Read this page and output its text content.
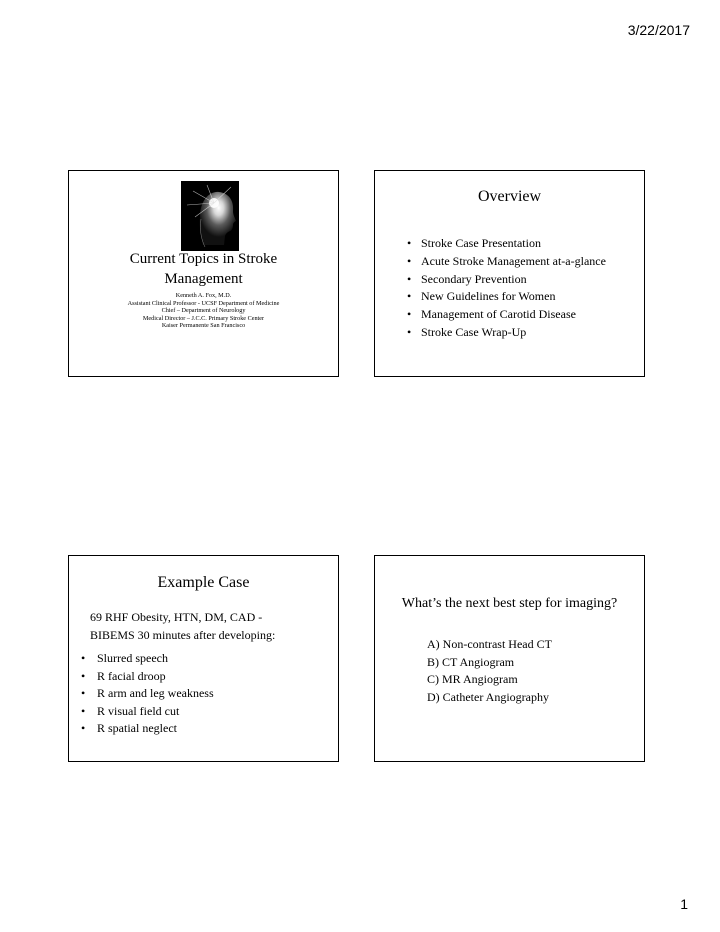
3/22/2017
Current Topics in Stroke
Management
Kenneth A. Fox, M.D.
Assistant Clinical Professor - UCSF Department of Medicine
Chief – Department of Neurology
Medical Director – J.C.C. Primary Stroke Center
Kaiser Permanente San Francisco
Overview
• Stroke Case Presentation
• Acute Stroke Management at-a-glance
• Secondary Prevention
• New Guidelines for Women
• Management of Carotid Disease
• Stroke Case Wrap-Up
Example Case
69 RHF Obesity, HTN, DM, CAD -
BIBEMS 30 minutes after developing:
• Slurred speech
• R facial droop
• R arm and leg weakness
• R visual field cut
• R spatial neglect
What’s the next best step for imaging?
A) Non-contrast Head CT
B) CT Angiogram
C) MR Angiogram
D) Catheter Angiography
1
